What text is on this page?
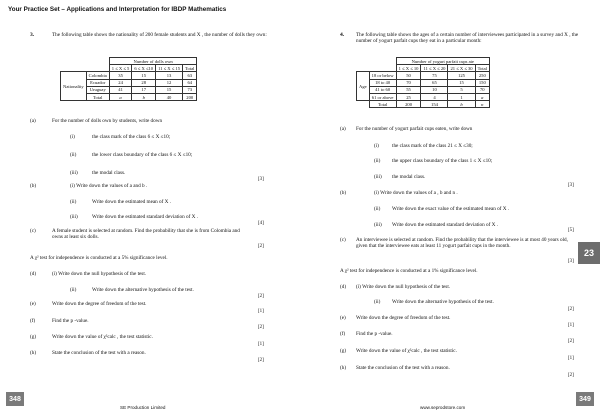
Your Practice Set – Applications and Interpretation for IBDP Mathematics
3.	The following table shows the nationality of 200 female students and X , the number of dolls they own:
		Number of dolls own			
		1 ≤ X ≤ 5	6 ≤ X ≤10	11 ≤ X ≤ 15	Total
Nationality	Colombia	35	15	13	63
	Ecuador	24	28	12	64
	Uruguay	41	17	15	73
	Total	a	b	40	200
(a)	For the number of dolls own by students, write down
(i)	the class mark of the class 6 ≤ X ≤10;
(ii)	the lower class boundary of the class 6 ≤ X ≤10;
(iii)	the modal class.
[3]
(b)	(i) Write down the values of a and b .
(ii)	Write down the estimated mean of X .
(iii)	Write down the estimated standard deviation of X .
[4]
(c)	A female student is selected at random. Find the probability that she is from Colombia and owns at least six dolls.
[2]
A χ² test for independence is conducted at a 5% significance level.
(d)	(i) Write down the null hypothesis of the test.
(ii)	Write down the alternative hypothesis of the test.
[2]
(e)	Write down the degree of freedom of the test.
[1]
(f)	Find the p -value.
[2]
(g)	Write down the value of χ²calc , the test statistic.
[1]
(h)	State the conclusion of the test with a reason.
[2]
4. The following table shows the ages of a certain number of interviewees participated in a survey and X , the number of yogurt parfait cups they eat in a particular month:
		Number of yogurt parfait cups ate			
		1 ≤ X ≤ 10	11 ≤ X ≤ 20	21 ≤ X ≤ 30	Total
Age	18 or below	50	75	125	250
	18 to 40	70	65	15	150
	41 to 60	55	10	5	70
	61 or above	25	4	1	a
	Total	200	154	b	n
(a) For the number of yogurt parfait cups eaten, write down
(i)	the class mark of the class 21 ≤ X ≤30;
(ii) the upper class boundary of the class 1 ≤ X ≤10;
(iii) the modal class.
[3]
(b)	(i) Write down the values of a , b and n .
(ii) Write down the exact value of the estimated mean of X .
(iii) Write down the estimated standard deviation of X .
[5]
(c) An interviewee is selected at random. Find the probability that the interviewee is at most 40 years old, given that the interviewee eats at least 11 yogurt parfait cups in the month.
[3]
A χ² test for independence is conducted at a 1% significance level.
(d) (i) Write down the null hypothesis of the test.
(ii) Write down the alternative hypothesis of the test.
[2]
(e) Write down the degree of freedom of the test.
[1]
(f) Find the p -value.
[2]
(g) Write down the value of χ²calc , the test statistic.
[1]
(h) State the conclusion of the test with a reason.
[2]
23
348
SE Production Limited	www.seprodstore.com
349
